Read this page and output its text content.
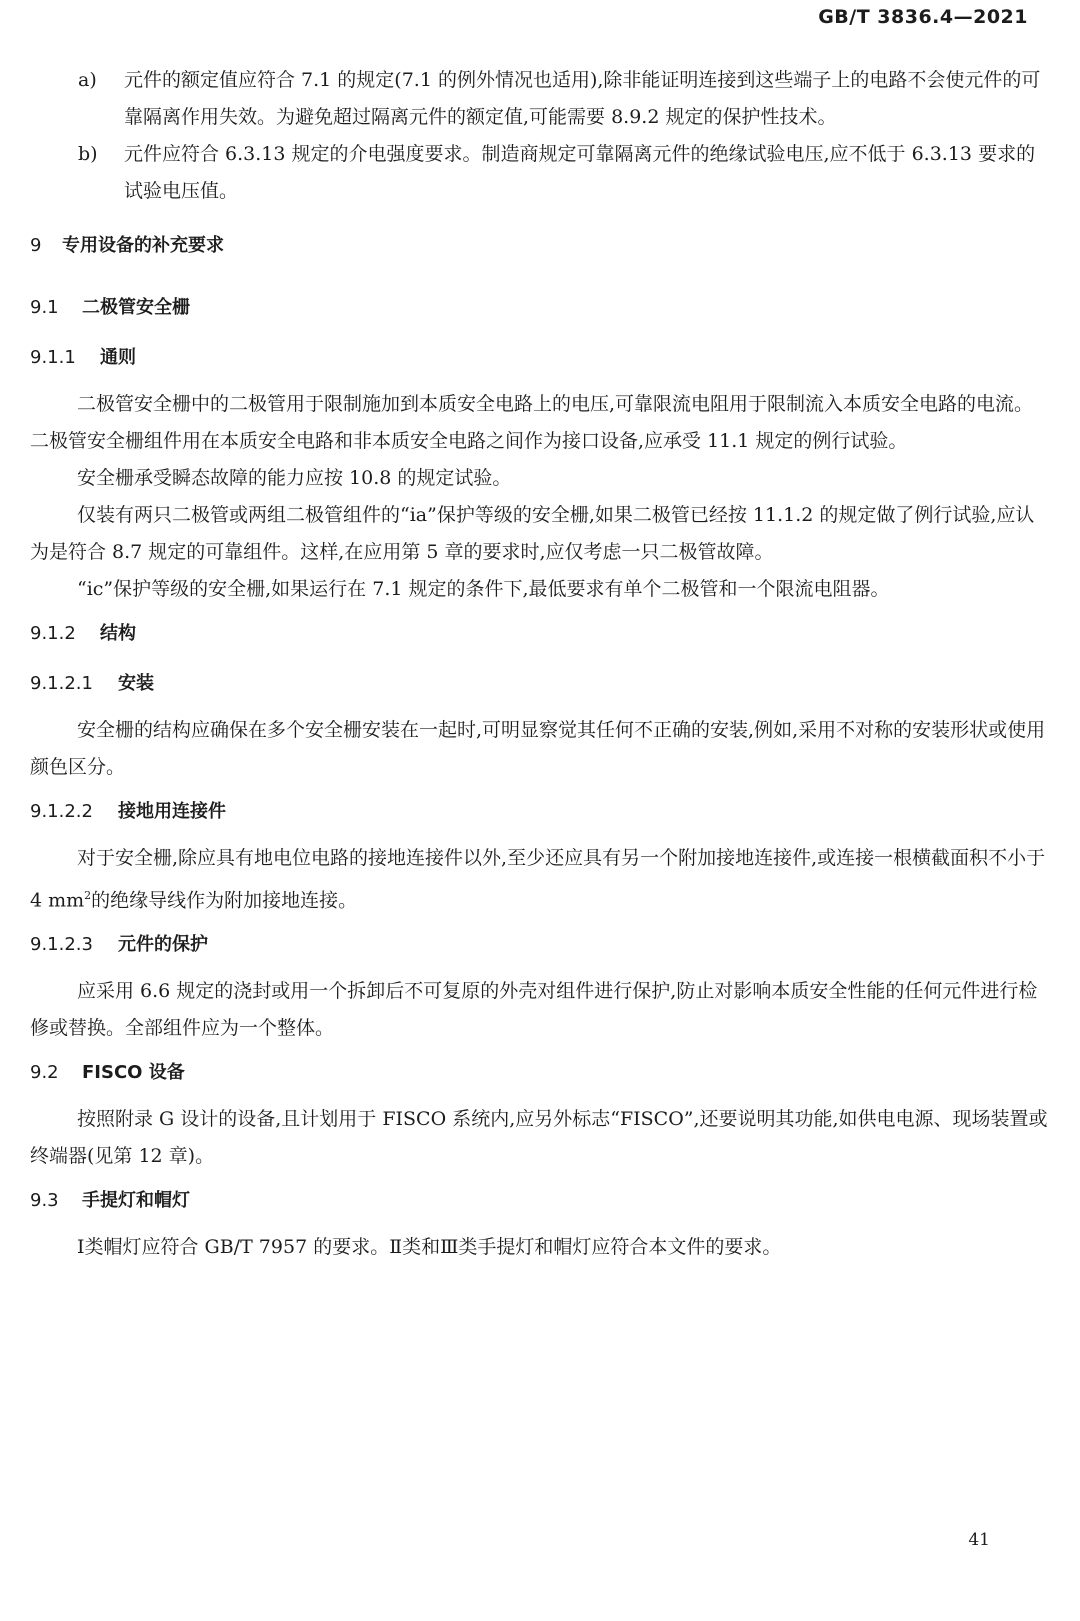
GB/T 3836.4—2021

a)	元件的额定值应符合 7.1 的规定(7.1 的例外情况也适用),除非能证明连接到这些端子上的电路不会使元件的可靠隔离作用失效。为避免超过隔离元件的额定值,可能需要 8.9.2 规定的保护性技术。

b)	元件应符合 6.3.13 规定的介电强度要求。制造商规定可靠隔离元件的绝缘试验电压,应不低于 6.3.13 要求的试验电压值。

9 专用设备的补充要求
9.1 二极管安全栅
9.1.1 通则

二极管安全栅中的二极管用于限制施加到本质安全电路上的电压,可靠限流电阻用于限制流入本质安全电路的电流。二极管安全栅组件用在本质安全电路和非本质安全电路之间作为接口设备,应承受 11.1 规定的例行试验。

安全栅承受瞬态故障的能力应按 10.8 的规定试验。

仅装有两只二极管或两组二极管组件的“ia”保护等级的安全栅,如果二极管已经按 11.1.2 的规定做了例行试验,应认为是符合 8.7 规定的可靠组件。这样,在应用第 5 章的要求时,应仅考虑一只二极管故障。

“ic”保护等级的安全栅,如果运行在 7.1 规定的条件下,最低要求有单个二极管和一个限流电阻器。

9.1.2 结构
9.1.2.1 安装

安全栅的结构应确保在多个安全栅安装在一起时,可明显察觉其任何不正确的安装,例如,采用不对称的安装形状或使用颜色区分。

9.1.2.2 接地用连接件

对于安全栅,除应具有地电位电路的接地连接件以外,至少还应具有另一个附加接地连接件,或连接一根横截面积不小于 4 $mm^2$的绝缘导线作为附加接地连接。

9.1.2.3 元件的保护

应采用 6.6 规定的浇封或用一个拆卸后不可复原的外壳对组件进行保护,防止对影响本质安全性能的任何元件进行检修或替换。全部组件应为一个整体。

9.2 FISCO 设备

按照附录 G 设计的设备,且计划用于 FISCO 系统内,应另外标志“FISCO”,还要说明其功能,如供电电源、现场装置或终端器(见第 12 章)。

9.3 手提灯和帽灯

Ⅰ类帽灯应符合 GB/T 7957 的要求。Ⅱ类和Ⅲ类手提灯和帽灯应符合本文件的要求。

41
